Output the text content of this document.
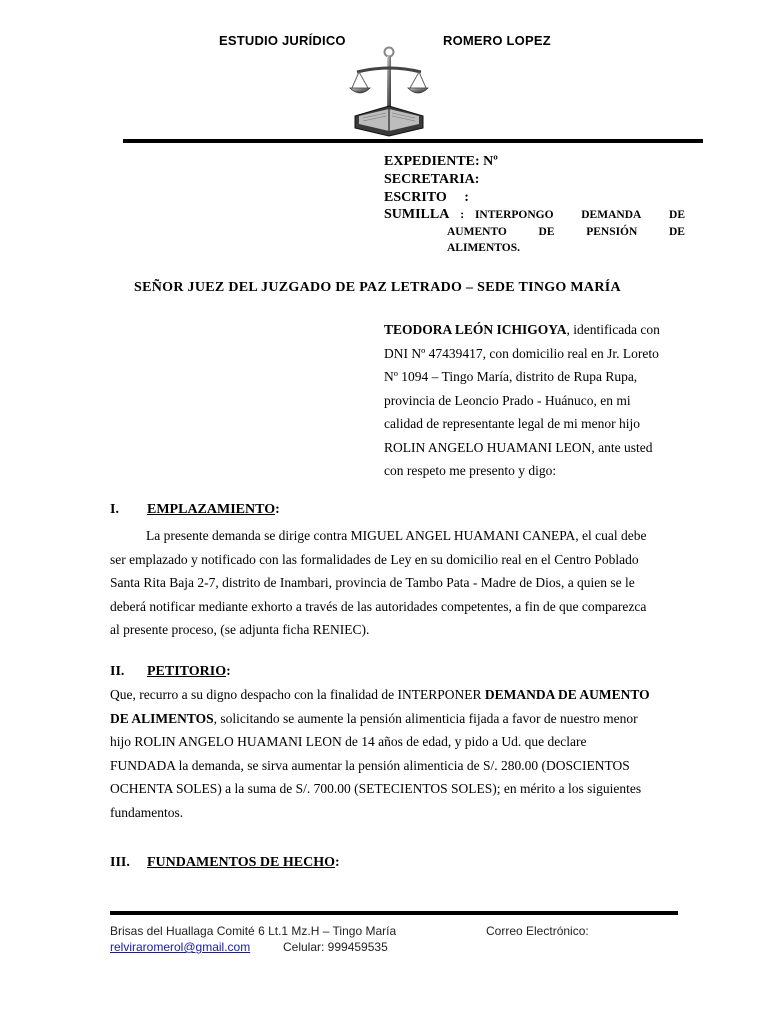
ESTUDIO JURÍDICO	ROMERO LOPEZ
EXPEDIENTE: Nº
SECRETARIA:
ESCRITO     :
SUMILLA : INTERPONGO DEMANDA DE
AUMENTO	DE	PENSIÓN	DE
ALIMENTOS.
SEÑOR JUEZ DEL JUZGADO DE PAZ LETRADO – SEDE TINGO MARÍA
TEODORA LEÓN ICHIGOYA, identificada con
DNI Nº 47439417, con domicilio real en Jr. Loreto
Nº 1094 – Tingo María, distrito de Rupa Rupa,
provincia de Leoncio Prado - Huánuco, en mi
calidad de representante legal de mi menor hijo
ROLIN ANGELO HUAMANI LEON, ante usted
con respeto me presento y digo:
I. EMPLAZAMIENTO:
La presente demanda se dirige contra MIGUEL ANGEL HUAMANI CANEPA, el cual debe
ser emplazado y notificado con las formalidades de Ley en su domicilio real en el Centro Poblado
Santa Rita Baja 2-7, distrito de Inambari, provincia de Tambo Pata - Madre de Dios, a quien se le
deberá notificar mediante exhorto a través de las autoridades competentes, a fin de que comparezca
al presente proceso, (se adjunta ficha RENIEC).
II. PETITORIO:
Que, recurro a su digno despacho con la finalidad de INTERPONER DEMANDA DE AUMENTO
DE ALIMENTOS, solicitando se aumente la pensión alimenticia fijada a favor de nuestro menor
hijo ROLIN ANGELO HUAMANI LEON de 14 años de edad, y pido a Ud. que declare
FUNDADA la demanda, se sirva aumentar la pensión alimenticia de S/. 280.00 (DOSCIENTOS
OCHENTA SOLES) a la suma de S/. 700.00 (SETECIENTOS SOLES); en mérito a los siguientes
fundamentos.
III. FUNDAMENTOS DE HECHO:
Brisas del Huallaga Comité 6 Lt.1 Mz.H – Tingo María	Correo Electrónico:
relviraromerol@gmail.com	Celular: 999459535
